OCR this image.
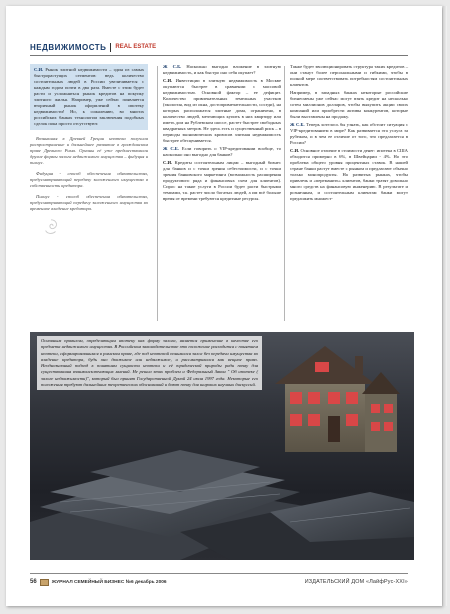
НЕДВИЖИМОСТЬ REAL ESTATE
С.И. Рынок элитной недвижимости – один из самых быстрорастущих сегментов: ведь количество состоятельных людей в России увеличивается с каждым годом почти в два раза. Вместе с этим будет расти и усложняться рынок кредитов на покупку элитного жилья. Например, уже сейчас появляется вторичный рынок оформлений в ипотеку недвижимости! Но, к сожалению, во многих российских банках технологии заключения подобных сделок пока просто отсутствуют.

Возникшая в Древней Греции ипотека получила распространение и дальнейшее развитие в гражданском праве Древнего Рима. Органы её уже предшествовали другие формы залога недвижимого имущества – фидуция и пигнус.

Фидуция - способ обеспечения обязательства, предусматривающий передачу заложенного имущества в собственность кредитора.

Пигнус - способ обеспечения обязательства, предусматривающий передачу заложенного имущества во временное владение кредитора.

Ж С.Б. Насколько выгодно вложение в элитную недвижимость, и как быстро оно себя окупает?

С.И. Инвестиции в элитную недвижимость в Москве окупаются быстрее в сравнении с массовой недвижимостью. Основной фактор – ее дефицит. Количество привлекательных земельных участков (экология, вид из окна, достопримечательности, соседи), на которых расположатся элитные дома, ограничено, в количество людей, мечтающих купить в них квартиру или иметь дом на Рублевском шоссе, растет быстрее свободных квадратных метров. Не здесь есть и существенный риск – в периоды экономических кризисов элитная недвижимость быстрее обесценивается.

Ж С.Б. Если говорить о VIP-кредитовании вообще, то насколько оно выгодно для банков?

С.И. Кредиты состоятельным лицам – выгодный бизнес для банков и с точки зрения себестоимости, и с точки зрения банковского маркетинга (возможность расширения продуктового ряда и финансовых схем для клиентов). Спрос на такие услуги в России будет расти быстрыми темпами, т.к. растет число богатых людей, а им всё больше время от времени требуются кредитные ресурсы.

Также будет эволюционировать структура таких кредитов – они станут более персональными и гибкими, чтобы в полной мере соответствовать потребностям состоятельных клиентов.

Например, в западных банках некоторые российские бизнесмены уже сейчас могут взять кредит на несколько сотен миллионов долларов, чтобы выкупить акции своих компаний или приобрести активы конкурентов, которые были выставлены на продажу.

Ж С.Б. Теперь хотелось бы узнать, как обстоит ситуация с VIP-кредитованием в мире? Как развивается эта услуга за рубежом, и в чем ее отличие от того, что предлагается в России?

С.И. Основное отличие в стоимости денег: ипотека в США обходится примерно в 6%, в Швейцарии - 4%. Но это проблема общего уровня процентных ставок. В нашей стране банки растут вместе с рынком и предлагают обычно только монопродукты. На развитых рынках, чтобы привлечь и «переманить» клиентов, банки тратят довольно много средств на финансовую инженерию. В результате и розничным, и состоятельным клиентам банки могут предложить множест-

Основным правилом, определяющим ипотеку как форму залога, является применение в качестве его предмета недвижимого имущества. В Российском законодательстве это положение расходится с понятием ипотеки, сформировавшимся в римском праве, где под ипотекой понимался залог без передачи имущества во владение кредитора, будь оно движимое или недвижимое, и рассматривался как вещное право. Неоднозначный подход к понятиям сущности ипотеки и её юридической природы ради почву для существования взаимоисключающих мнений. Не решил этих проблем и Федеральный Закон " Об ипотеке ( залоге недвижимости)", который был принят Государственной Думой 24 июля 1997 года. Некоторые его положения требуют дальнейших теоретических обоснований и дают почву для широких научных дискуссий.
56	ЖУРНАЛ СЕМЕЙНЫЙ БИЗНЕС №6 декабрь 2006	ИЗДАТЕЛЬСКИЙ ДОМ «ЛайфРус-XXI»
